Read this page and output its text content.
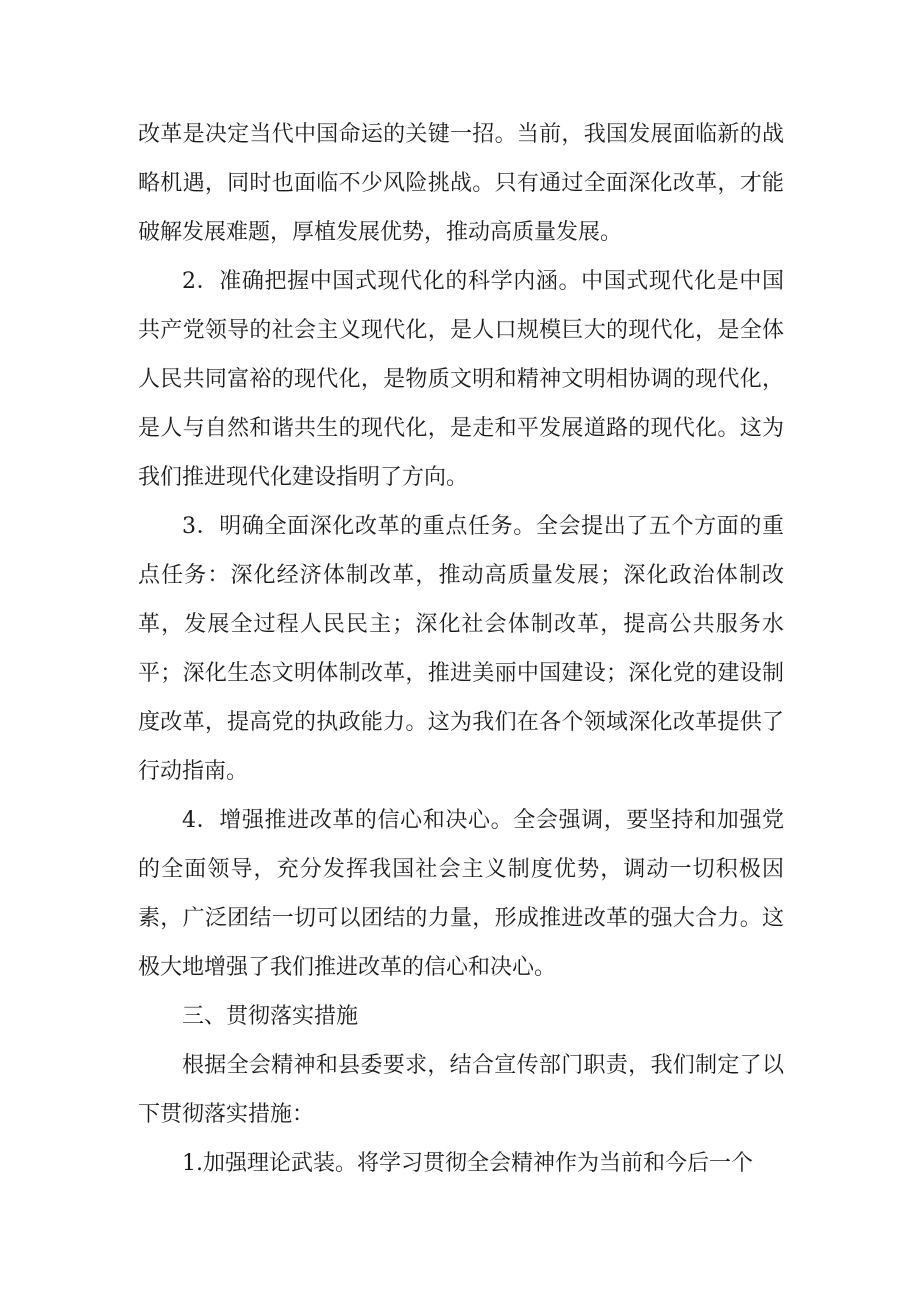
改革是决定当代中国命运的关键一招。当前，我国发展面临新的战略机遇，同时也面临不少风险挑战。只有通过全面深化改革，才能破解发展难题，厚植发展优势，推动高质量发展。

2．准确把握中国式现代化的科学内涵。中国式现代化是中国共产党领导的社会主义现代化，是人口规模巨大的现代化，是全体人民共同富裕的现代化，是物质文明和精神文明相协调的现代化，是人与自然和谐共生的现代化，是走和平发展道路的现代化。这为我们推进现代化建设指明了方向。

3．明确全面深化改革的重点任务。全会提出了五个方面的重点任务：深化经济体制改革，推动高质量发展；深化政治体制改革，发展全过程人民民主；深化社会体制改革，提高公共服务水平；深化生态文明体制改革，推进美丽中国建设；深化党的建设制度改革，提高党的执政能力。这为我们在各个领域深化改革提供了行动指南。

4．增强推进改革的信心和决心。全会强调，要坚持和加强党的全面领导，充分发挥我国社会主义制度优势，调动一切积极因素，广泛团结一切可以团结的力量，形成推进改革的强大合力。这极大地增强了我们推进改革的信心和决心。

三、贯彻落实措施

根据全会精神和县委要求，结合宣传部门职责，我们制定了以下贯彻落实措施：

1.加强理论武装。将学习贯彻全会精神作为当前和今后一个
